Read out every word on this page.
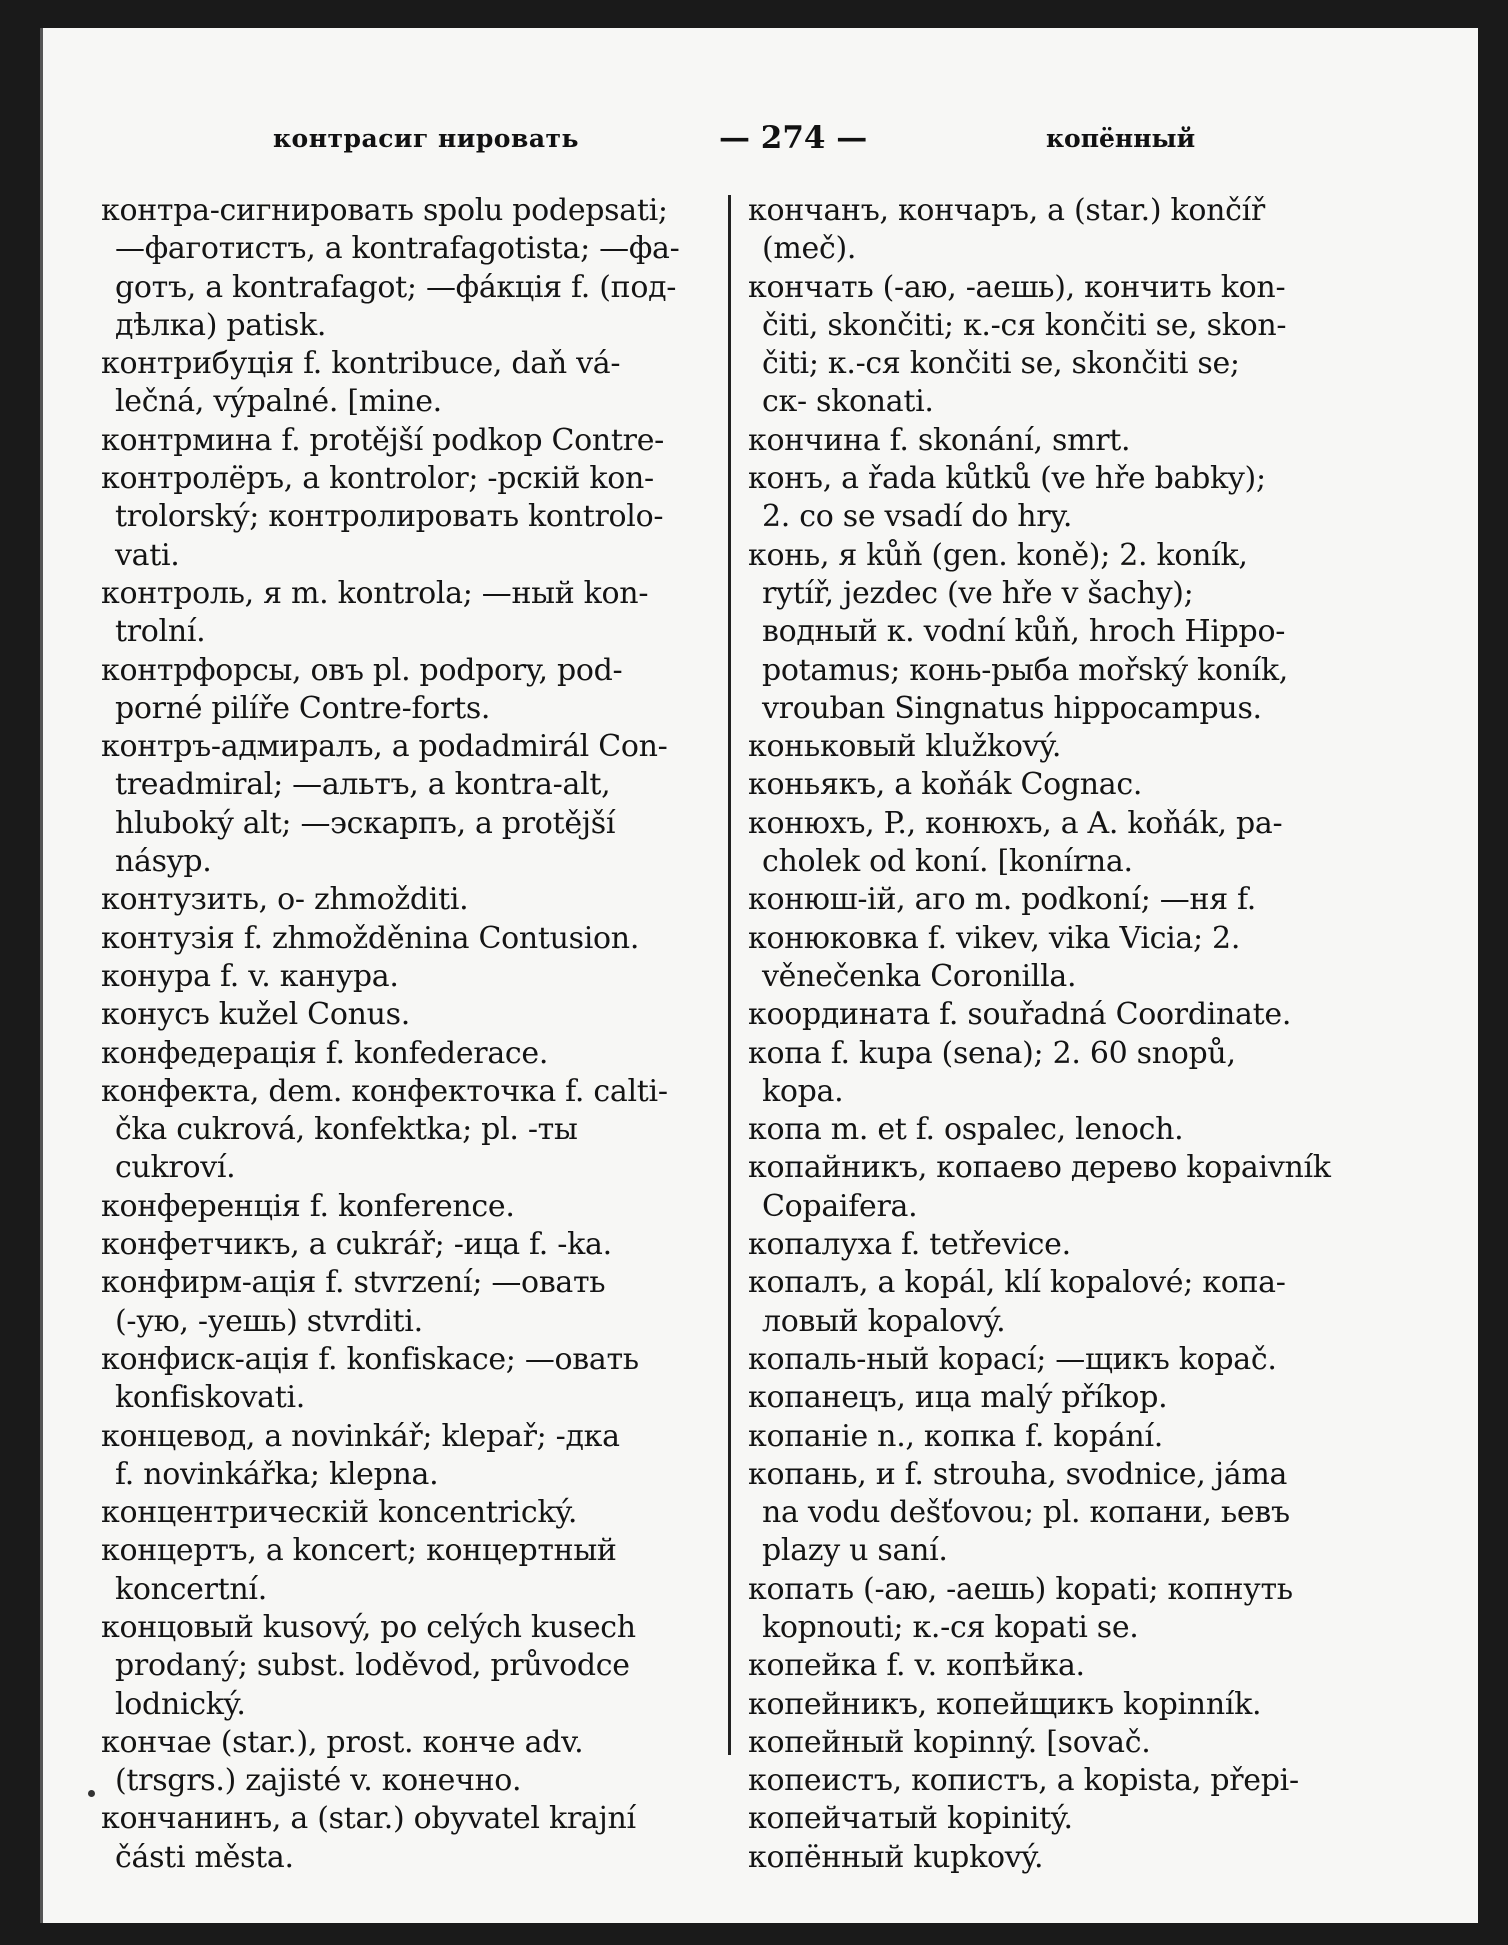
контрасиг нировать	— 274 —	копённый
контра-сигнировать spolu podepsati;
—фаготистъ, a kontrafagotista; —фа-
gотъ, a kontrafagot; —фа́кція f. (под-
дѣлка) patisk.
контрибуція f. kontribuce, daň vá-
lečná, výpalné. [mine.
контрмина f. protější podkop Contre-
контролёръ, a kontrolor; -рскій kon-
trolorský; контролировать kontrolo-
vati.
контроль, я m. kontrola; —ный kon-
trolní.
контрфорсы, овъ pl. podpory, pod-
porné pilíře Contre-forts.
контръ-адмиралъ, a podadmirál Con-
treadmiral; —альтъ, a kontra-alt,
hluboký alt; —эскарпъ, a protější
násyp.
контузить, о- zhmožditi.
контузія f. zhmožděnina Contusion.
конура f. v. канура.
конусъ kužel Conus.
конфедерація f. konfederace.
конфекта, dem. конфекточка f. calti-
čka cukrová, konfektka; pl. -ты
cukroví.
конференція f. konference.
конфетчикъ, a cukrář; -ица f. -ka.
конфирм-ація f. stvrzení; —овать
(-ую, -уешь) stvrditi.
конфиск-ація f. konfiskace; —овать
konfiskovati.
концевод, a novinkář; klepař; -дка
f. novinkářka; klepna.
концентрическій koncentrický.
концертъ, a koncert; концертный
koncertní.
концовый kusový, po celých kusech
prodaný; subst. loděvod, průvodce
lodnický.
кончае (star.), prost. конче adv.
(trsgrs.) zajisté v. конечно.
кончанинъ, a (star.) obyvatel krajní
části města.
кончанъ, кончаръ, a (star.) končíř
(meč).
кончать (-аю, -аешь), кончить kon-
čiti, skončiti; к.-ся končiti se, skon-
čiti; к.-ся končiti se, skončiti se;
ск- skonati.
кончина f. skonání, smrt.
конъ, a řada kůtků (ve hře babky);
2. co se vsadí do hry.
конь, я kůň (gen. koně); 2. koník,
rytíř, jezdec (ve hře v šachy);
водный к. vodní kůň, hroch Hippo-
potamus; конь-рыба mořský koník,
vrouban Singnatus hippocampus.
коньковый klužkový.
коньякъ, a koňák Cognac.
конюхъ, P., конюхъ, a A. koňák, pa-
cholek od koní. [konírna.
конюш-ій, аго m. podkoní; —ня f.
конюковка f. vikev, vika Vicia; 2.
věnečenka Coronilla.
координата f. souřadná Coordinate.
копа f. kupa (sena); 2. 60 snopů,
kopa.
копа m. et f. ospalec, lenoch.
копайникъ, копаево дерево kopaivník
Copaifera.
копалуха f. tetřevice.
копалъ, a kopál, klí kopalové; копа-
ловый kopalový.
копаль-ный kopací; —щикъ kopač.
копанецъ, ица malý příkop.
копаніе n., копка f. kopání.
копань, и f. strouha, svodnice, jáma
na vodu dešťovou; pl. копани, ьевъ
plazy u saní.
копать (-аю, -аешь) kopati; копнуть
kopnouti; к.-ся kopati se.
копейка f. v. копѣйка.
копейникъ, копейщикъ kopinník.
копейный kopinný. [sovač.
копеистъ, копистъ, a kopista, přepi-
копейчатый kopinitý.
копённый kupkový.
